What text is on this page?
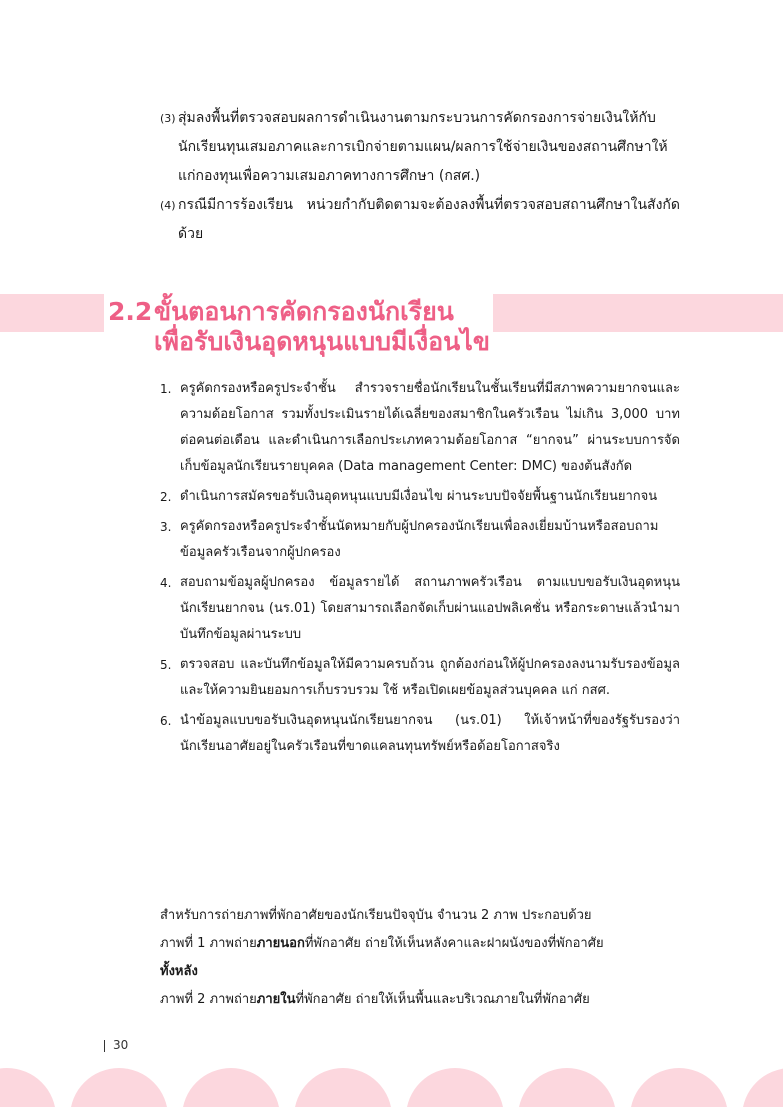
(3) สุ่มลงพื้นที่ตรวจสอบผลการดำเนินงานตามกระบวนการคัดกรองการจ่ายเงินให้กับนักเรียนทุนเสมอภาคและการเบิกจ่ายตามแผน/ผลการใช้จ่ายเงินของสถานศึกษาให้แก่กองทุนเพื่อความเสมอภาคทางการศึกษา (กสศ.)
(4) กรณีมีการร้องเรียน หน่วยกำกับติดตามจะต้องลงพื้นที่ตรวจสอบสถานศึกษาในสังกัดด้วย
2.2 ขั้นตอนการคัดกรองนักเรียน
เพื่อรับเงินอุดหนุนแบบมีเงื่อนไข
1. ครูคัดกรองหรือครูประจำชั้น สำรวจรายชื่อนักเรียนในชั้นเรียนที่มีสภาพความยากจนและความด้อยโอกาส รวมทั้งประเมินรายได้เฉลี่ยของสมาชิกในครัวเรือน ไม่เกิน 3,000 บาทต่อคนต่อเดือน และดำเนินการเลือกประเภทความด้อยโอกาส “ยากจน” ผ่านระบบการจัดเก็บข้อมูลนักเรียนรายบุคคล (Data management Center: DMC) ของต้นสังกัด
2. ดำเนินการสมัครขอรับเงินอุดหนุนแบบมีเงื่อนไข ผ่านระบบปัจจัยพื้นฐานนักเรียนยากจน
3. ครูคัดกรองหรือครูประจำชั้นนัดหมายกับผู้ปกครองนักเรียนเพื่อลงเยี่ยมบ้านหรือสอบถามข้อมูลครัวเรือนจากผู้ปกครอง
4. สอบถามข้อมูลผู้ปกครอง ข้อมูลรายได้ สถานภาพครัวเรือน ตามแบบขอรับเงินอุดหนุนนักเรียนยากจน (นร.01) โดยสามารถเลือกจัดเก็บผ่านแอปพลิเคชั่น หรือกระดาษแล้วนำมาบันทึกข้อมูลผ่านระบบ
5. ตรวจสอบ และบันทึกข้อมูลให้มีความครบถ้วน ถูกต้องก่อนให้ผู้ปกครองลงนามรับรองข้อมูลและให้ความยินยอมการเก็บรวบรวม ใช้ หรือเปิดเผยข้อมูลส่วนบุคคล แก่ กสศ.
6. นำข้อมูลแบบขอรับเงินอุดหนุนนักเรียนยากจน (นร.01) ให้เจ้าหน้าที่ของรัฐรับรองว่านักเรียนอาศัยอยู่ในครัวเรือนที่ขาดแคลนทุนทรัพย์หรือด้อยโอกาสจริง

สำหรับการถ่ายภาพที่พักอาศัยของนักเรียนปัจจุบัน จำนวน 2 ภาพ ประกอบด้วย

ภาพที่ 1 ภาพถ่ายภายนอกที่พักอาศัย ถ่ายให้เห็นหลังคาและฝาผนังของที่พักอาศัย
ทั้งหลัง

ภาพที่ 2 ภาพถ่ายภายในที่พักอาศัย ถ่ายให้เห็นพื้นและบริเวณภายในที่พักอาศัย

30
